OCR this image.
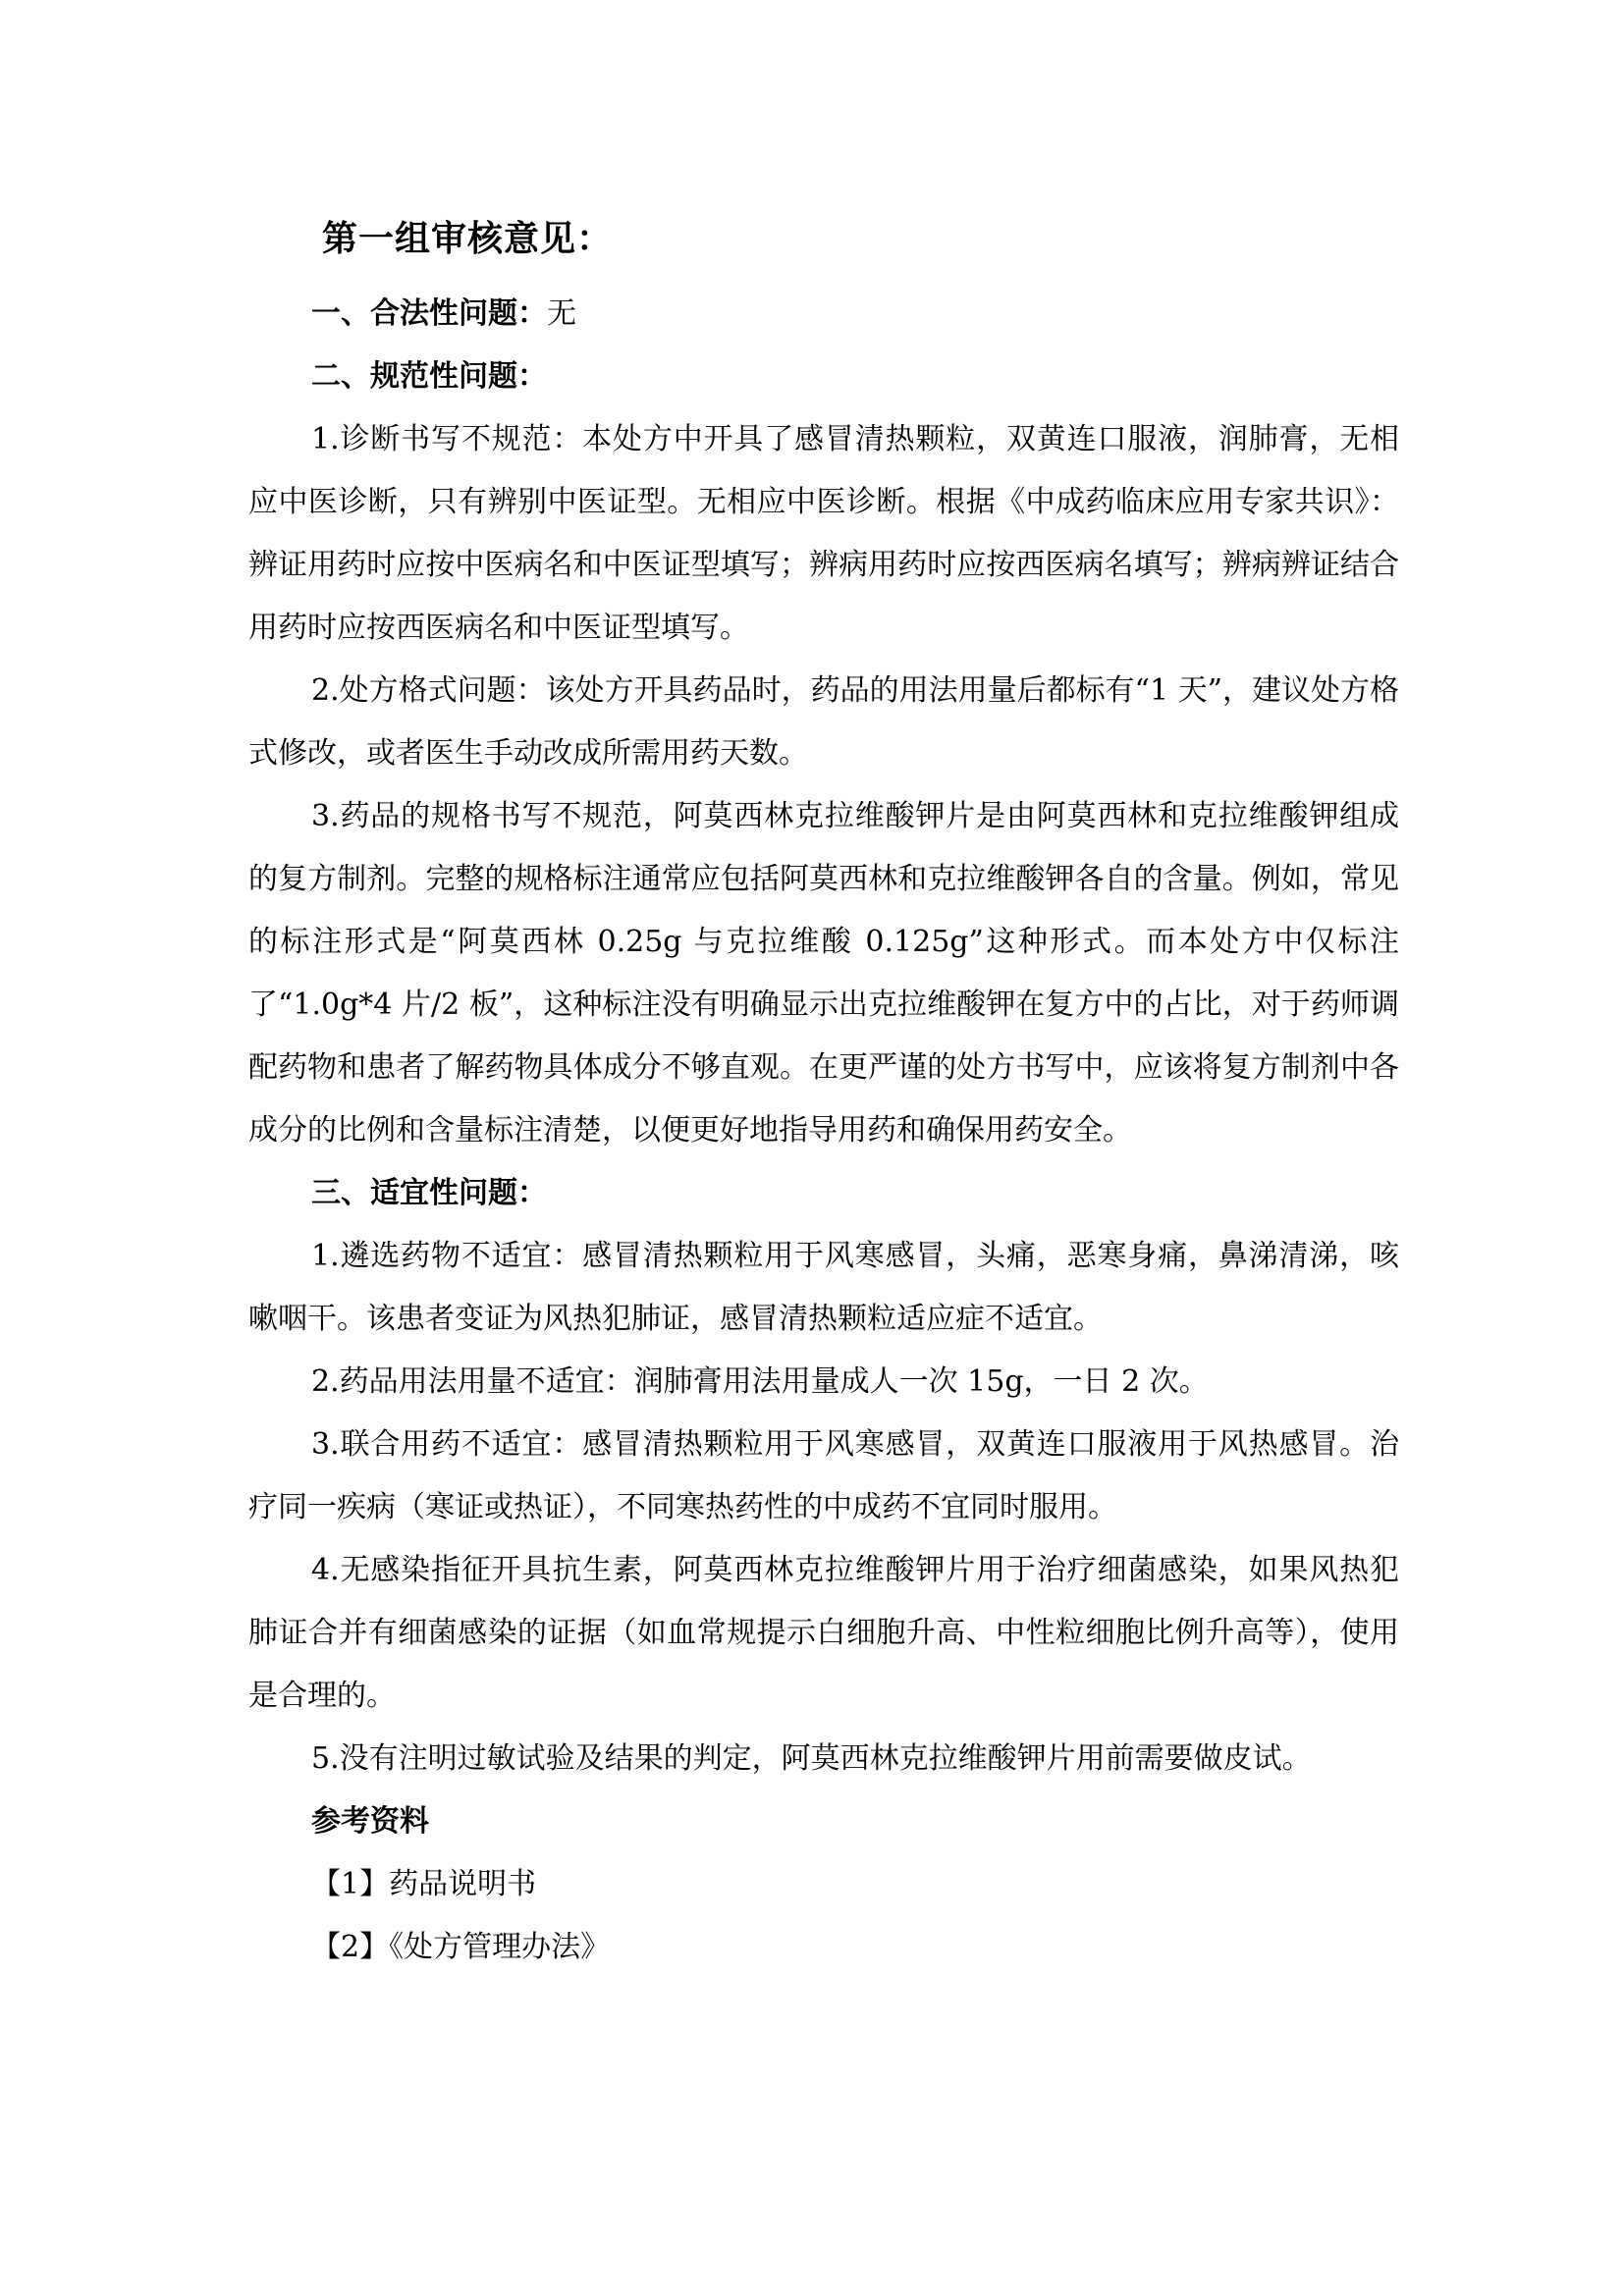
第一组审核意见：
一、合法性问题：无
二、规范性问题：

1.诊断书写不规范：本处方中开具了感冒清热颗粒，双黄连口服液，润肺膏，无相应中医诊断，只有辨别中医证型。无相应中医诊断。根据《中成药临床应用专家共识》：辨证用药时应按中医病名和中医证型填写；辨病用药时应按西医病名填写；辨病辨证结合用药时应按西医病名和中医证型填写。

2.处方格式问题：该处方开具药品时，药品的用法用量后都标有“1 天”，建议处方格式修改，或者医生手动改成所需用药天数。

3.药品的规格书写不规范，阿莫西林克拉维酸钾片是由阿莫西林和克拉维酸钾组成的复方制剂。完整的规格标注通常应包括阿莫西林和克拉维酸钾各自的含量。例如，常见的标注形式是“阿莫西林 0.25g 与克拉维酸 0.125g”这种形式。而本处方中仅标注了“1.0g*4 片/2 板”，这种标注没有明确显示出克拉维酸钾在复方中的占比，对于药师调配药物和患者了解药物具体成分不够直观。在更严谨的处方书写中，应该将复方制剂中各成分的比例和含量标注清楚，以便更好地指导用药和确保用药安全。

三、适宜性问题：

1.遴选药物不适宜：感冒清热颗粒用于风寒感冒，头痛，恶寒身痛，鼻涕清涕，咳嗽咽干。该患者变证为风热犯肺证，感冒清热颗粒适应症不适宜。

2.药品用法用量不适宜：润肺膏用法用量成人一次 15g，一日 2 次。

3.联合用药不适宜：感冒清热颗粒用于风寒感冒，双黄连口服液用于风热感冒。治疗同一疾病（寒证或热证），不同寒热药性的中成药不宜同时服用。

4.无感染指征开具抗生素，阿莫西林克拉维酸钾片用于治疗细菌感染，如果风热犯肺证合并有细菌感染的证据（如血常规提示白细胞升高、中性粒细胞比例升高等），使用是合理的。

5.没有注明过敏试验及结果的判定，阿莫西林克拉维酸钾片用前需要做皮试。

参考资料
【1】药品说明书
【2】《处方管理办法》
